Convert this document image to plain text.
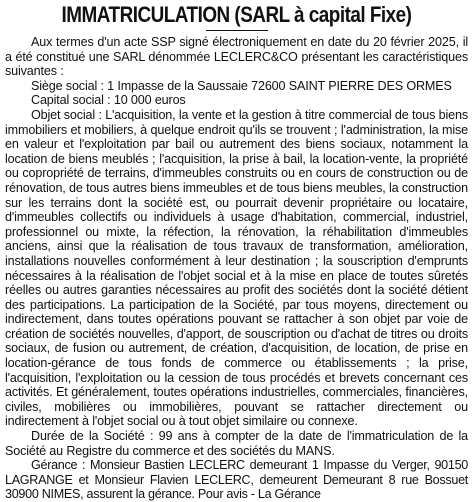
IMMATRICULATION (SARL à capital Fixe)

Aux termes d'un acte SSP signé électroniquement en date du 20 février 2025, il a été constitué une SARL dénommée LECLERC&CO présentant les caractéristiques suivantes :

Siège social : 1 Impasse de la Saussaie 72600 SAINT PIERRE DES ORMES

Capital social : 10 000 euros

Objet social : L'acquisition, la vente et la gestion à titre commercial de tous biens immobiliers et mobiliers, à quelque endroit qu'ils se trouvent ; l'administration, la mise en valeur et l'exploitation par bail ou autrement des biens sociaux, notamment la location de biens meublés ; l'acquisition, la prise à bail, la location-vente, la propriété ou copropriété de terrains, d'immeubles construits ou en cours de construction ou de rénovation, de tous autres biens immeubles et de tous biens meubles, la construction sur les terrains dont la société est, ou pourrait devenir propriétaire ou locataire, d'immeubles collectifs ou individuels à usage d'habitation, commercial, industriel, professionnel ou mixte, la réfection, la rénovation, la réhabilitation d'immeubles anciens, ainsi que la réalisation de tous travaux de transformation, amélioration, installations nouvelles conformément à leur destination ; la souscription d'emprunts nécessaires à la réalisation de l'objet social et à la mise en place de toutes sûretés réelles ou autres garanties nécessaires au profit des sociétés dont la société détient des participations. La participation de la Société, par tous moyens, directement ou indirectement, dans toutes opérations pouvant se rattacher à son objet par voie de création de sociétés nouvelles, d'apport, de souscription ou d'achat de titres ou droits sociaux, de fusion ou autrement, de création, d'acquisition, de location, de prise en location-gérance de tous fonds de commerce ou établissements ; la prise, l'acquisition, l'exploitation ou la cession de tous procédés et brevets concernant ces activités. Et généralement, toutes opérations industrielles, commerciales, financières, civiles, mobilières ou immobilières, pouvant se rattacher directement ou indirectement à l'objet social ou à tout objet similaire ou connexe.

Durée de la Société : 99 ans à compter de la date de l'immatriculation de la Société au Registre du commerce et des sociétés du MANS.

Gérance : Monsieur Bastien LECLERC demeurant 1 Impasse du Verger, 90150 LAGRANGE et Monsieur Flavien LECLERC, demeurent Demeurant 8 rue Bossuet 30900 NIMES, assurent la gérance. Pour avis - La Gérance
